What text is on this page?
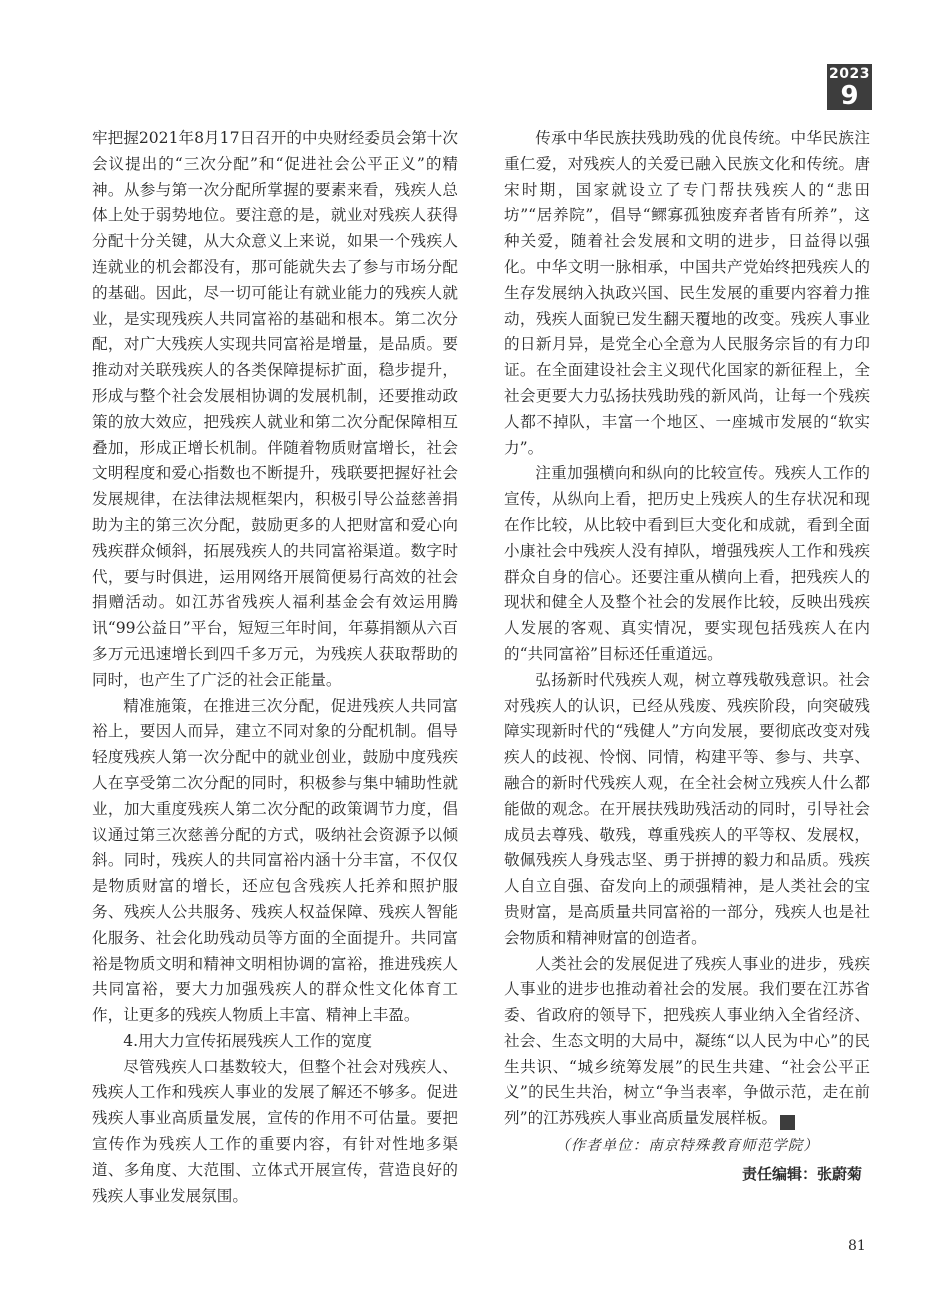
2023
9

牢把握2021年8月17日召开的中央财经委员会第十次会议提出的“三次分配”和“促进社会公平正义”的精神。从参与第一次分配所掌握的要素来看，残疾人总体上处于弱势地位。要注意的是，就业对残疾人获得分配十分关键，从大众意义上来说，如果一个残疾人连就业的机会都没有，那可能就失去了参与市场分配的基础。因此，尽一切可能让有就业能力的残疾人就业，是实现残疾人共同富裕的基础和根本。第二次分配，对广大残疾人实现共同富裕是增量，是品质。要推动对关联残疾人的各类保障提标扩面，稳步提升，形成与整个社会发展相协调的发展机制，还要推动政策的放大效应，把残疾人就业和第二次分配保障相互叠加，形成正增长机制。伴随着物质财富增长，社会文明程度和爱心指数也不断提升，残联要把握好社会发展规律，在法律法规框架内，积极引导公益慈善捐助为主的第三次分配，鼓励更多的人把财富和爱心向残疾群众倾斜，拓展残疾人的共同富裕渠道。数字时代，要与时俱进，运用网络开展简便易行高效的社会捐赠活动。如江苏省残疾人福利基金会有效运用腾讯“99公益日”平台，短短三年时间，年募捐额从六百多万元迅速增长到四千多万元，为残疾人获取帮助的同时，也产生了广泛的社会正能量。

精准施策，在推进三次分配，促进残疾人共同富裕上，要因人而异，建立不同对象的分配机制。倡导轻度残疾人第一次分配中的就业创业，鼓励中度残疾人在享受第二次分配的同时，积极参与集中辅助性就业，加大重度残疾人第二次分配的政策调节力度，倡议通过第三次慈善分配的方式，吸纳社会资源予以倾斜。同时，残疾人的共同富裕内涵十分丰富，不仅仅是物质财富的增长，还应包含残疾人托养和照护服务、残疾人公共服务、残疾人权益保障、残疾人智能化服务、社会化助残动员等方面的全面提升。共同富裕是物质文明和精神文明相协调的富裕，推进残疾人共同富裕，要大力加强残疾人的群众性文化体育工作，让更多的残疾人物质上丰富、精神上丰盈。

4.用大力宣传拓展残疾人工作的宽度

尽管残疾人口基数较大，但整个社会对残疾人、残疾人工作和残疾人事业的发展了解还不够多。促进残疾人事业高质量发展，宣传的作用不可估量。要把宣传作为残疾人工作的重要内容，有针对性地多渠道、多角度、大范围、立体式开展宣传，营造良好的残疾人事业发展氛围。

传承中华民族扶残助残的优良传统。中华民族注重仁爱，对残疾人的关爱已融入民族文化和传统。唐宋时期，国家就设立了专门帮扶残疾人的“悲田坊”“居养院”，倡导“鳏寡孤独废弃者皆有所养”，这种关爱，随着社会发展和文明的进步，日益得以强化。中华文明一脉相承，中国共产党始终把残疾人的生存发展纳入执政兴国、民生发展的重要内容着力推动，残疾人面貌已发生翻天覆地的改变。残疾人事业的日新月异，是党全心全意为人民服务宗旨的有力印证。在全面建设社会主义现代化国家的新征程上，全社会更要大力弘扬扶残助残的新风尚，让每一个残疾人都不掉队，丰富一个地区、一座城市发展的“软实力”。

注重加强横向和纵向的比较宣传。残疾人工作的宣传，从纵向上看，把历史上残疾人的生存状况和现在作比较，从比较中看到巨大变化和成就，看到全面小康社会中残疾人没有掉队，增强残疾人工作和残疾群众自身的信心。还要注重从横向上看，把残疾人的现状和健全人及整个社会的发展作比较，反映出残疾人发展的客观、真实情况，要实现包括残疾人在内的“共同富裕”目标还任重道远。

弘扬新时代残疾人观，树立尊残敬残意识。社会对残疾人的认识，已经从残废、残疾阶段，向突破残障实现新时代的“残健人”方向发展，要彻底改变对残疾人的歧视、怜悯、同情，构建平等、参与、共享、融合的新时代残疾人观，在全社会树立残疾人什么都能做的观念。在开展扶残助残活动的同时，引导社会成员去尊残、敬残，尊重残疾人的平等权、发展权，敬佩残疾人身残志坚、勇于拼搏的毅力和品质。残疾人自立自强、奋发向上的顽强精神，是人类社会的宝贵财富，是高质量共同富裕的一部分，残疾人也是社会物质和精神财富的创造者。

人类社会的发展促进了残疾人事业的进步，残疾人事业的进步也推动着社会的发展。我们要在江苏省委、省政府的领导下，把残疾人事业纳入全省经济、社会、生态文明的大局中，凝练“以人民为中心”的民生共识、“城乡统筹发展”的民生共建、“社会公平正义”的民生共治，树立“争当表率，争做示范，走在前列”的江苏残疾人事业高质量发展样板。	江

（作者单位：南京特殊教育师范学院）
责任编辑：张蔚菊
81
